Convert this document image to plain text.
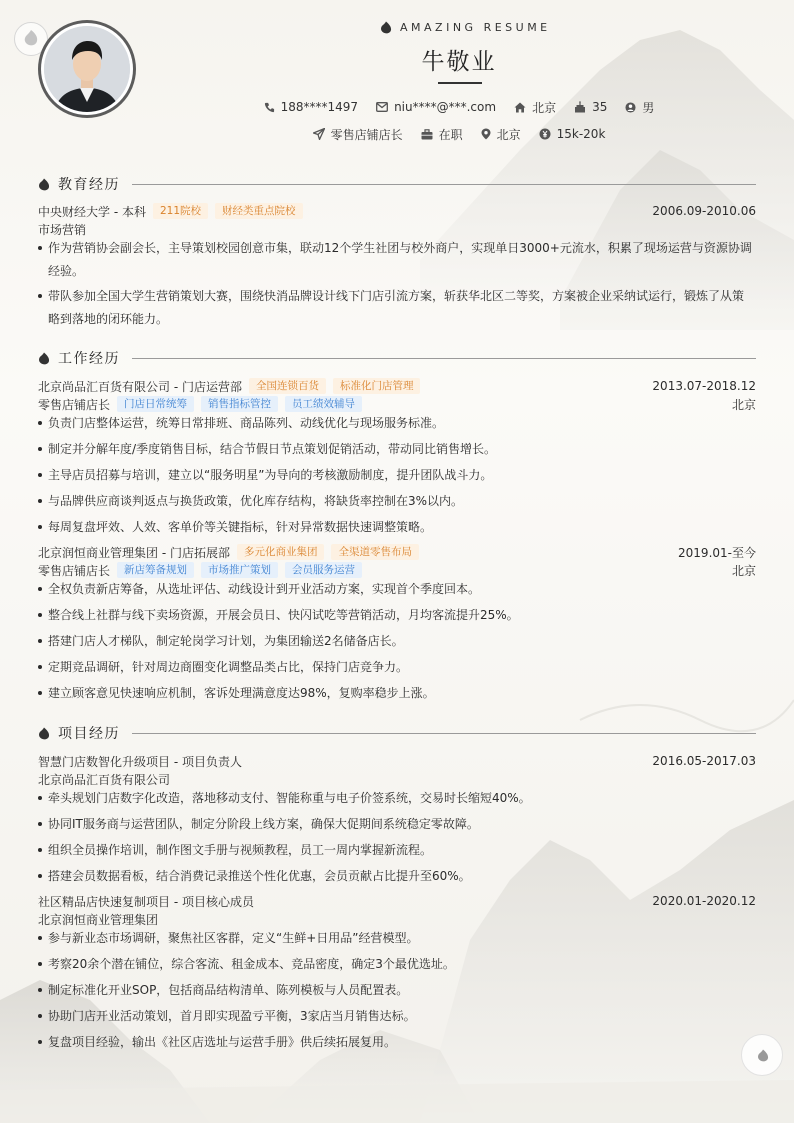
AMAZING RESUME
牛敬业
188****1497	niu****@***.com	北京	35	男
零售店铺店长	在职	北京	15k-20k
教育经历
中央财经大学 - 本科	211院校	财经类重点院校	2006.09-2010.06
市场营销
作为营销协会副会长，主导策划校园创意市集，联动12个学生社团与校外商户，实现单日3000+元流水，积累了现场运营与资源协调
经验。
带队参加全国大学生营销策划大赛，围绕快消品牌设计线下门店引流方案，斩获华北区二等奖，方案被企业采纳试运行，锻炼了从策
略到落地的闭环能力。
工作经历
北京尚品汇百货有限公司 - 门店运营部	全国连锁百货	标准化门店管理	2013.07-2018.12
零售店铺店长	门店日常统筹	销售指标管控	员工绩效辅导	北京
负责门店整体运营，统筹日常排班、商品陈列、动线优化与现场服务标准。
制定并分解年度/季度销售目标，结合节假日节点策划促销活动，带动同比销售增长。
主导店员招募与培训，建立以“服务明星”为导向的考核激励制度，提升团队战斗力。
与品牌供应商谈判返点与换货政策，优化库存结构，将缺货率控制在3%以内。
每周复盘坪效、人效、客单价等关键指标，针对异常数据快速调整策略。
北京润恒商业管理集团 - 门店拓展部	多元化商业集团	全渠道零售布局	2019.01-至今
零售店铺店长	新店筹备规划	市场推广策划	会员服务运营	北京
全权负责新店筹备，从选址评估、动线设计到开业活动方案，实现首个季度回本。
整合线上社群与线下卖场资源，开展会员日、快闪试吃等营销活动，月均客流提升25%。
搭建门店人才梯队，制定轮岗学习计划，为集团输送2名储备店长。
定期竞品调研，针对周边商圈变化调整品类占比，保持门店竞争力。
建立顾客意见快速响应机制，客诉处理满意度达98%，复购率稳步上涨。
项目经历
智慧门店数智化升级项目 - 项目负责人	2016.05-2017.03
北京尚品汇百货有限公司
牵头规划门店数字化改造，落地移动支付、智能称重与电子价签系统，交易时长缩短40%。
协同IT服务商与运营团队，制定分阶段上线方案，确保大促期间系统稳定零故障。
组织全员操作培训，制作图文手册与视频教程，员工一周内掌握新流程。
搭建会员数据看板，结合消费记录推送个性化优惠，会员贡献占比提升至60%。
社区精品店快速复制项目 - 项目核心成员	2020.01-2020.12
北京润恒商业管理集团
参与新业态市场调研，聚焦社区客群，定义“生鲜+日用品”经营模型。
考察20余个潜在铺位，综合客流、租金成本、竞品密度，确定3个最优选址。
制定标准化开业SOP，包括商品结构清单、陈列模板与人员配置表。
协助门店开业活动策划，首月即实现盈亏平衡，3家店当月销售达标。
复盘项目经验，输出《社区店选址与运营手册》供后续拓展复用。
